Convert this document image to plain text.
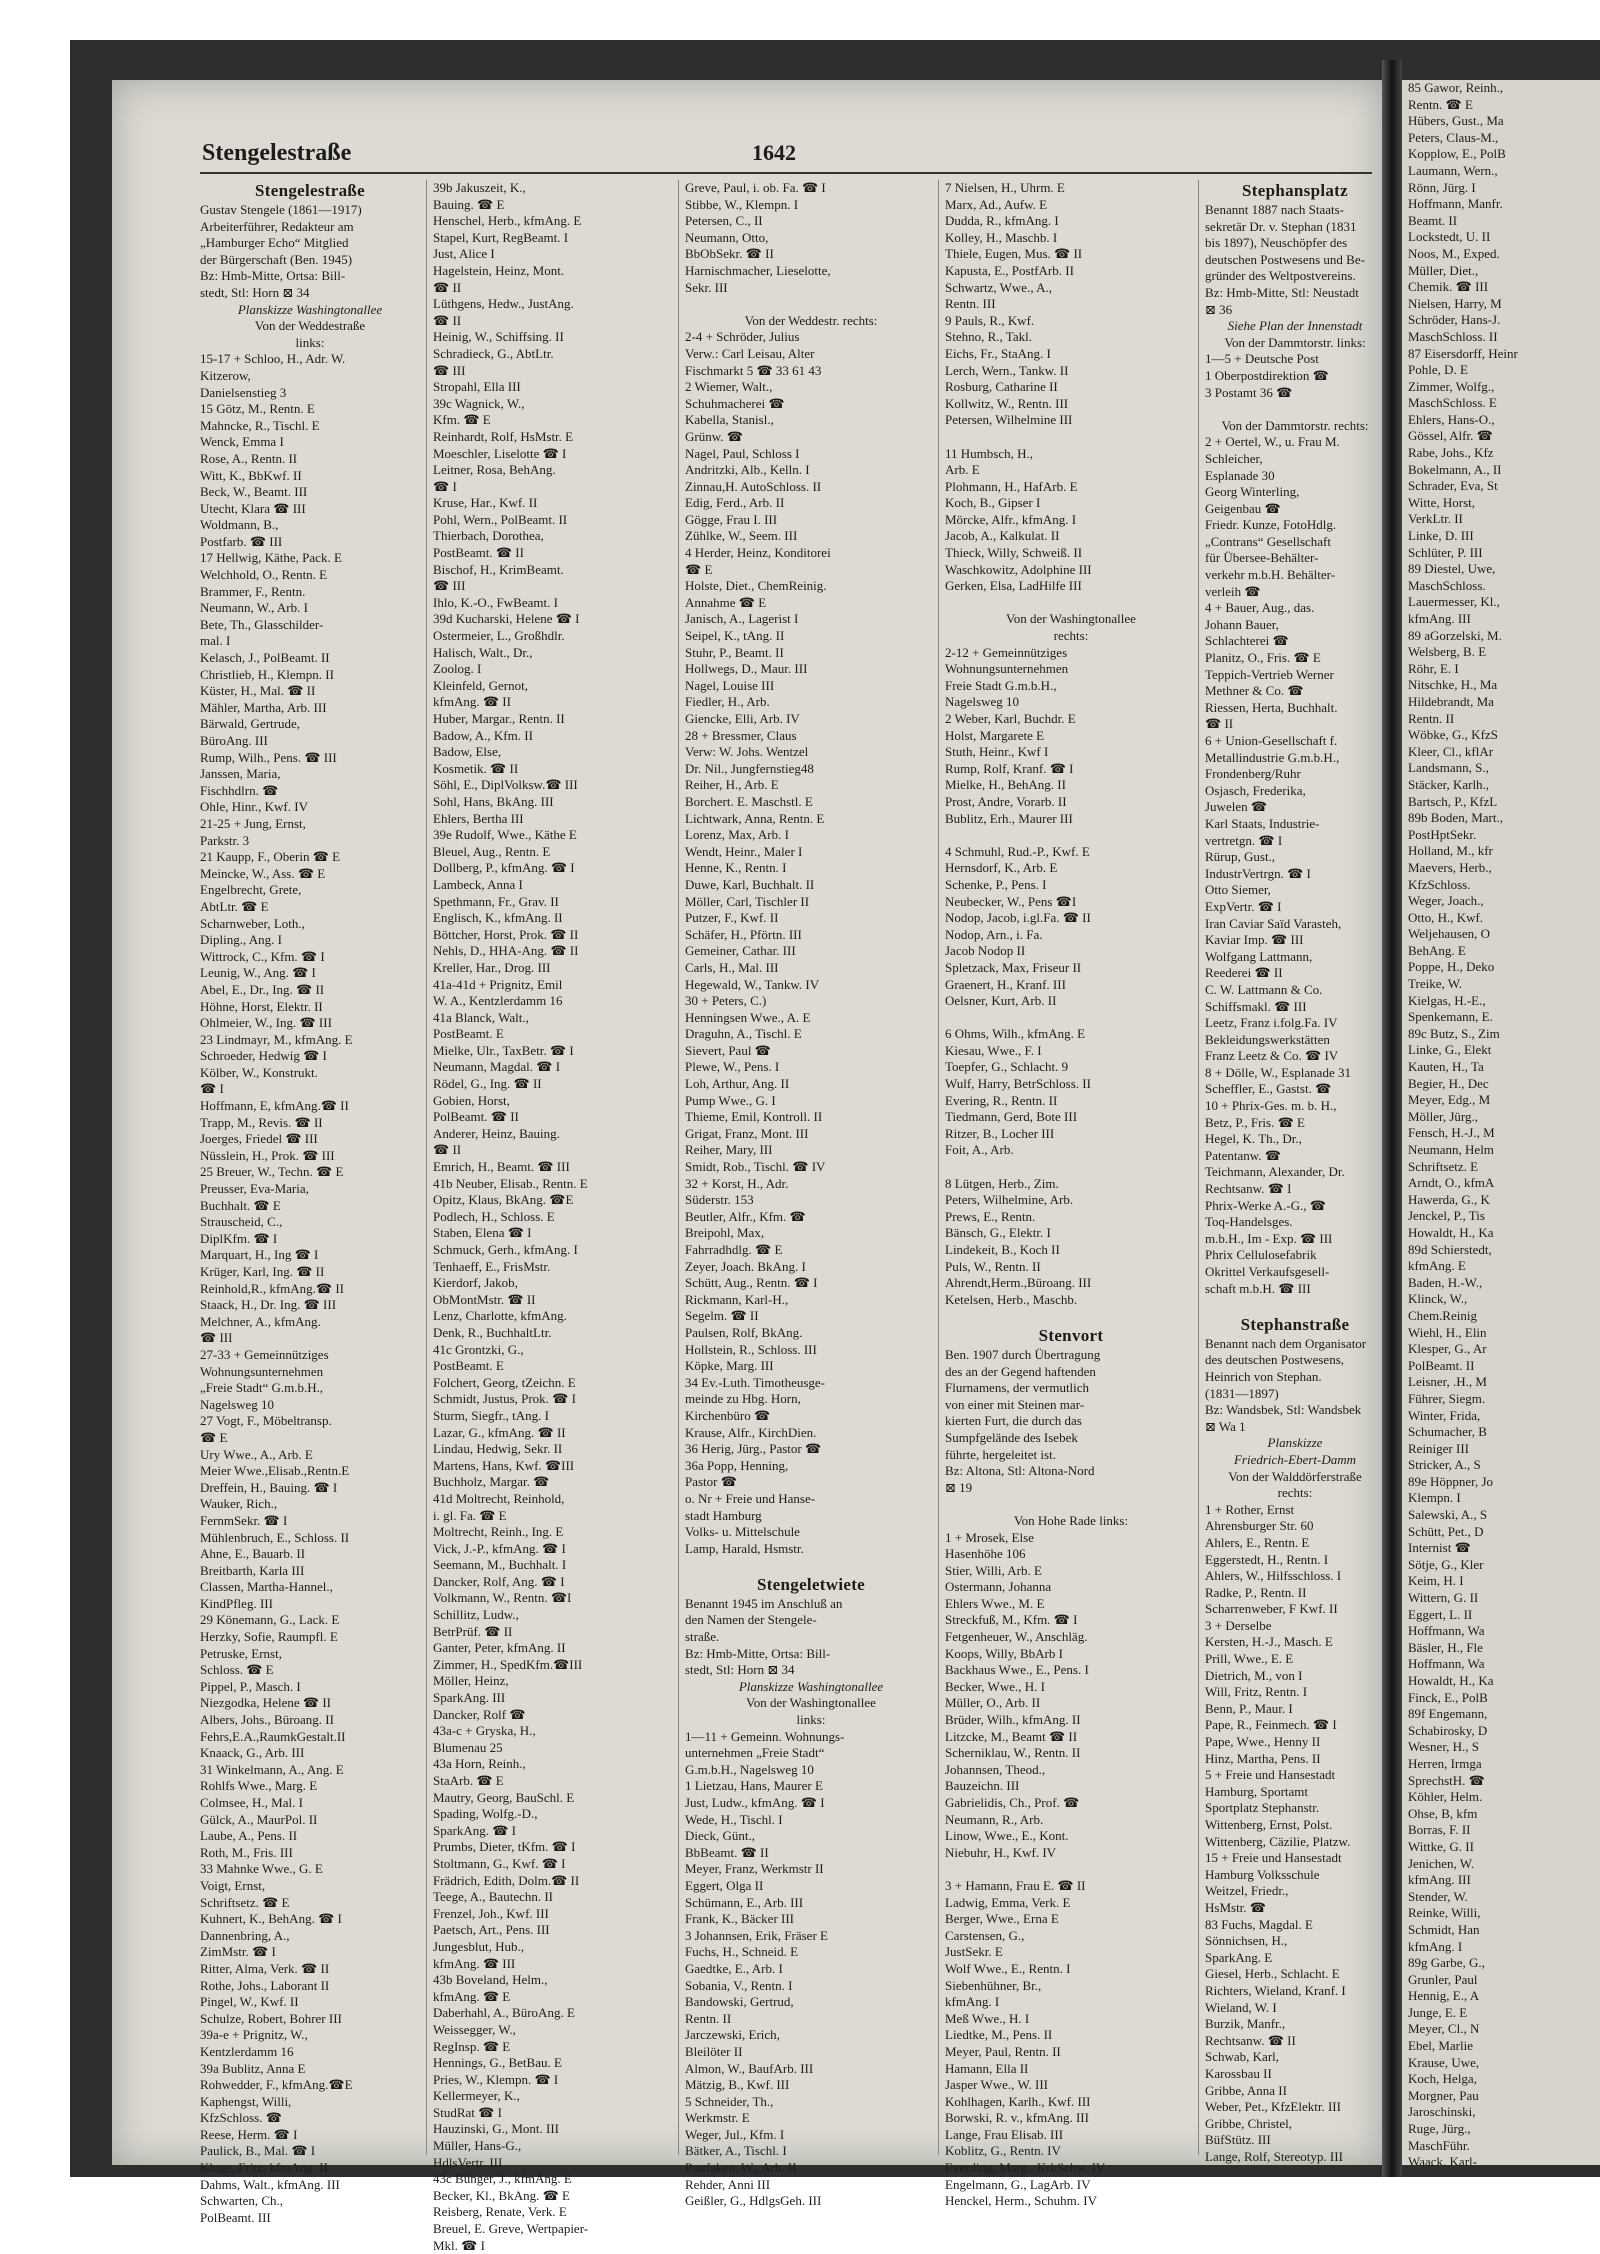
Stengelestraße	1642
Stengelestraße
Gustav Stengele (1861—1917)
Arbeiterführer, Redakteur am
„Hamburger Echo“ Mitglied
der Bürgerschaft (Ben. 1945)
Bz: Hmb-Mitte, Ortsa: Bill-
stedt, Stl: Horn ⊠ 34
Planskizze Washingtonallee
Von der Weddestraße
links:
15-17 + Schloo, H., Adr. W.
Kitzerow,
Danielsenstieg 3
15 Götz, M., Rentn. E
Mahncke, R., Tischl. E
Wenck, Emma I
Rose, A., Rentn. II
Witt, K., BbKwf. II
Beck, W., Beamt. III
Utecht, Klara ☎ III
Woldmann, B.,
Postfarb. ☎ III
17 Hellwig, Käthe, Pack. E
Welchhold, O., Rentn. E
Brammer, F., Rentn.
Neumann, W., Arb. I
Bete, Th., Glasschilder-
mal. I
Kelasch, J., PolBeamt. II
Christlieb, H., Klempn. II
Küster, H., Mal. ☎ II
Mähler, Martha, Arb. III
Bärwald, Gertrude,
BüroAng. III
Rump, Wilh., Pens. ☎ III
Janssen, Maria,
Fischhdlrn. ☎
Ohle, Hinr., Kwf. IV
21-25 + Jung, Ernst,
Parkstr. 3
21 Kaupp, F., Oberin ☎ E
Meincke, W., Ass. ☎ E
Engelbrecht, Grete,
AbtLtr. ☎ E
Scharnweber, Loth.,
Dipling., Ang. I
Wittrock, C., Kfm. ☎ I
Leunig, W., Ang. ☎ I
Abel, E., Dr., Ing. ☎ II
Höhne, Horst, Elektr. II
Ohlmeier, W., Ing. ☎ III
23 Lindmayr, M., kfmAng. E
Schroeder, Hedwig ☎ I
Kölber, W., Konstrukt.
☎ I
Hoffmann, E, kfmAng.☎ II
Trapp, M., Revis. ☎ II
Joerges, Friedel ☎ III
Nüsslein, H., Prok. ☎ III
25 Breuer, W., Techn. ☎ E
Preusser, Eva-Maria,
Buchhalt. ☎ E
Strauscheid, C.,
DiplKfm. ☎ I
Marquart, H., Ing ☎ I
Krüger, Karl, Ing. ☎ II
Reinhold,R., kfmAng.☎ II
Staack, H., Dr. Ing. ☎ III
Melchner, A., kfmAng.
☎ III
27-33 + Gemeinnütziges
Wohnungsunternehmen
„Freie Stadt“ G.m.b.H.,
Nagelsweg 10
27 Vogt, F., Möbeltransp.
☎ E
Ury Wwe., A., Arb. E
Meier Wwe.,Elisab.,Rentn.E
Dreffein, H., Bauing. ☎ I
Wauker, Rich.,
FernmSekr. ☎ I
Mühlenbruch, E., Schloss. II
Ahne, E., Bauarb. II
Breitbarth, Karla III
Classen, Martha-Hannel.,
KindPfleg. III
29 Könemann, G., Lack. E
Herzky, Sofie, Raumpfl. E
Petruske, Ernst,
Schloss. ☎ E
Pippel, P., Masch. I
Niezgodka, Helene ☎ II
Albers, Johs., Büroang. II
Fehrs,E.A.,RaumkGestalt.II
Knaack, G., Arb. III
31 Winkelmann, A., Ang. E
Rohlfs Wwe., Marg. E
Colmsee, H., Mal. I
Gülck, A., MaurPol. II
Laube, A., Pens. II
Roth, M., Fris. III
33 Mahnke Wwe., G. E
Voigt, Ernst,
Schriftsetz. ☎ E
Kuhnert, K., BehAng. ☎ I
Dannenbring, A.,
ZimMstr. ☎ I
Ritter, Alma, Verk. ☎ II
Rothe, Johs., Laborant II
Pingel, W., Kwf. II
Schulze, Robert, Bohrer III
39a-e + Prignitz, W.,
Kentzlerdamm 16
39a Bublitz, Anna E
Rohwedder, F., kfmAng.☎E
Kaphengst, Willi,
KfzSchloss. ☎
Reese, Herm. ☎ I
Paulick, B., Mal. ☎ I
Kluge, Fritz, kfmAng. II
Dahms, Walt., kfmAng. III
Schwarten, Ch.,
PolBeamt. III
39b Jakuszeit, K.,
Bauing. ☎ E
Henschel, Herb., kfmAng. E
Stapel, Kurt, RegBeamt. I
Just, Alice I
Hagelstein, Heinz, Mont.
☎ II
Lüthgens, Hedw., JustAng.
☎ II
Heinig, W., Schiffsing. II
Schradieck, G., AbtLtr.
☎ III
Stropahl, Ella III
39c Wagnick, W.,
Kfm. ☎ E
Reinhardt, Rolf, HsMstr. E
Moeschler, Liselotte ☎ I
Leitner, Rosa, BehAng.
☎ I
Kruse, Har., Kwf. II
Pohl, Wern., PolBeamt. II
Thierbach, Dorothea,
PostBeamt. ☎ II
Bischof, H., KrimBeamt.
☎ III
Ihlo, K.-O., FwBeamt. I
39d Kucharski, Helene ☎ I
Ostermeier, L., Großhdlr.
Halisch, Walt., Dr.,
Zoolog. I
Kleinfeld, Gernot,
kfmAng. ☎ II
Huber, Margar., Rentn. II
Badow, A., Kfm. II
Badow, Else,
Kosmetik. ☎ II
Söhl, E., DiplVolksw.☎ III
Sohl, Hans, BkAng. III
Ehlers, Bertha III
39e Rudolf, Wwe., Käthe E
Bleuel, Aug., Rentn. E
Dollberg, P., kfmAng. ☎ I
Lambeck, Anna I
Spethmann, Fr., Grav. II
Englisch, K., kfmAng. II
Böttcher, Horst, Prok. ☎ II
Nehls, D., HHA-Ang. ☎ II
Kreller, Har., Drog. III
41a-41d + Prignitz, Emil
W. A., Kentzlerdamm 16
41a Blanck, Walt.,
PostBeamt. E
Mielke, Ulr., TaxBetr. ☎ I
Neumann, Magdal. ☎ I
Rödel, G., Ing. ☎ II
Gobien, Horst,
PolBeamt. ☎ II
Anderer, Heinz, Bauing.
☎ II
Emrich, H., Beamt. ☎ III
41b Neuber, Elisab., Rentn. E
Opitz, Klaus, BkAng. ☎E
Podlech, H., Schloss. E
Staben, Elena ☎ I
Schmuck, Gerh., kfmAng. I
Tenhaeff, E., FrisMstr.
Kierdorf, Jakob,
ObMontMstr. ☎ II
Lenz, Charlotte, kfmAng.
Denk, R., BuchhaltLtr.
41c Grontzki, G.,
PostBeamt. E
Folchert, Georg, tZeichn. E
Schmidt, Justus, Prok. ☎ I
Sturm, Siegfr., tAng. I
Lazar, G., kfmAng. ☎ II
Lindau, Hedwig, Sekr. II
Martens, Hans, Kwf. ☎III
Buchholz, Margar. ☎
41d Moltrecht, Reinhold,
i. gl. Fa. ☎ E
Moltrecht, Reinh., Ing. E
Vick, J.-P., kfmAng. ☎ I
Seemann, M., Buchhalt. I
Dancker, Rolf, Ang. ☎ I
Volkmann, W., Rentn. ☎I
Schillitz, Ludw.,
BetrPrüf. ☎ II
Ganter, Peter, kfmAng. II
Zimmer, H., SpedKfm.☎III
Möller, Heinz,
SparkAng. III
Dancker, Rolf ☎
43a-c + Gryska, H.,
Blumenau 25
43a Horn, Reinh.,
StaArb. ☎ E
Mautry, Georg, BauSchl. E
Spading, Wolfg.-D.,
SparkAng. ☎ I
Prumbs, Dieter, tKfm. ☎ I
Stoltmann, G., Kwf. ☎ I
Frädrich, Edith, Dolm.☎ II
Teege, A., Bautechn. II
Frenzel, Joh., Kwf. III
Paetsch, Art., Pens. III
Jungesblut, Hub.,
kfmAng. ☎ III
43b Boveland, Helm.,
kfmAng. ☎ E
Daberhahl, A., BüroAng. E
Weissegger, W.,
RegInsp. ☎ E
Hennings, G., BetBau. E
Pries, W., Klempn. ☎ I
Kellermeyer, K.,
StudRat ☎ I
Hauzinski, G., Mont. III
Müller, Hans-G.,
HdlsVertr. III
43c Bünger, J., kfmAng. E
Becker, Kl., BkAng. ☎ E
Reisberg, Renate, Verk. E
Breuel, E. Greve, Wertpapier-
Mkl. ☎ I
Greve, Paul, i. ob. Fa. ☎ I
Stibbe, W., Klempn. I
Petersen, C., II
Neumann, Otto,
BbObSekr. ☎ II
Harnischmacher, Lieselotte,
Sekr. III

Von der Weddestr. rechts:
2-4 + Schröder, Julius
Verw.: Carl Leisau, Alter
Fischmarkt 5 ☎ 33 61 43
2 Wiemer, Walt.,
Schuhmacherei ☎
Kabella, Stanisl.,
Grünw. ☎
Nagel, Paul, Schloss I
Andritzki, Alb., Kelln. I
Zinnau,H. AutoSchloss. II
Edig, Ferd., Arb. II
Gögge, Frau I. III
Zühlke, W., Seem. III
4 Herder, Heinz, Konditorei
☎ E
Holste, Diet., ChemReinig.
Annahme ☎ E
Janisch, A., Lagerist I
Seipel, K., tAng. II
Stuhr, P., Beamt. II
Hollwegs, D., Maur. III
Nagel, Louise III
Fiedler, H., Arb.
Giencke, Elli, Arb. IV
28 + Bressmer, Claus
Verw: W. Johs. Wentzel
Dr. Nil., Jungfernstieg48
Reiher, H., Arb. E
Borchert. E. Maschstl. E
Lichtwark, Anna, Rentn. E
Lorenz, Max, Arb. I
Wendt, Heinr., Maler I
Henne, K., Rentn. I
Duwe, Karl, Buchhalt. II
Möller, Carl, Tischler II
Putzer, F., Kwf. II
Schäfer, H., Pförtn. III
Gemeiner, Cathar. III
Carls, H., Mal. III
Hegewald, W., Tankw. IV
30 + Peters, C.)
Henningsen Wwe., A. E
Draguhn, A., Tischl. E
Sievert, Paul ☎
Plewe, W., Pens. I
Loh, Arthur, Ang. II
Pump Wwe., G. I
Thieme, Emil, Kontroll. II
Grigat, Franz, Mont. III
Reiher, Mary, III
Smidt, Rob., Tischl. ☎ IV
32 + Korst, H., Adr.
Süderstr. 153
Beutler, Alfr., Kfm. ☎
Breipohl, Max,
Fahrradhdlg. ☎ E
Zeyer, Joach. BkAng. I
Schütt, Aug., Rentn. ☎ I
Rickmann, Karl-H.,
Segelm. ☎ II
Paulsen, Rolf, BkAng.
Hollstein, R., Schloss. III
Köpke, Marg. III
34 Ev.-Luth. Timotheusge-
meinde zu Hbg. Horn,
Kirchenbüro ☎
Krause, Alfr., KirchDien.
36 Herig, Jürg., Pastor ☎
36a Popp, Henning,
Pastor ☎
o. Nr + Freie und Hanse-
stadt Hamburg
Volks- u. Mittelschule
Lamp, Harald, Hsmstr.

Stengeletwiete
Benannt 1945 im Anschluß an
den Namen der Stengele-
straße.
Bz: Hmb-Mitte, Ortsa: Bill-
stedt, Stl: Horn ⊠ 34
Planskizze Washingtonallee
Von der Washingtonallee
links:
1—11 + Gemeinn. Wohnungs-
unternehmen „Freie Stadt“
G.m.b.H., Nagelsweg 10
1 Lietzau, Hans, Maurer E
Just, Ludw., kfmAng. ☎ I
Wede, H., Tischl. I
Dieck, Günt.,
BbBeamt. ☎ II
Meyer, Franz, Werkmstr II
Eggert, Olga II
Schümann, E., Arb. III
Frank, K., Bäcker III
3 Johannsen, Erik, Fräser E
Fuchs, H., Schneid. E
Gaedtke, E., Arb. I
Sobania, V., Rentn. I
Bandowski, Gertrud,
Rentn. II
Jarczewski, Erich,
Bleilöter II
Almon, W., BaufArb. III
Mätzig, B., Kwf. III
5 Schneider, Th.,
Werkmstr. E
Weger, Jul., Kfm. I
Bätker, A., Tischl. I
Puttfaken, W., Arb. II
Rehder, Anni III
Geißler, G., HdlgsGeh. III
7 Nielsen, H., Uhrm. E
Marx, Ad., Aufw. E
Dudda, R., kfmAng. I
Kolley, H., Maschb. I
Thiele, Eugen, Mus. ☎ II
Kapusta, E., PostfArb. II
Schwartz, Wwe., A.,
Rentn. III
9 Pauls, R., Kwf.
Stehno, R., Takl.
Eichs, Fr., StaAng. I
Lerch, Wern., Tankw. II
Rosburg, Catharine II
Kollwitz, W., Rentn. III
Petersen, Wilhelmine III

11 Humbsch, H.,
Arb. E
Plohmann, H., HafArb. E
Koch, B., Gipser I
Mörcke, Alfr., kfmAng. I
Jacob, A., Kalkulat. II
Thieck, Willy, Schweiß. II
Waschkowitz, Adolphine III
Gerken, Elsa, LadHilfe III

Von der Washingtonallee
rechts:
2-12 + Gemeinnütziges
Wohnungsunternehmen
Freie Stadt G.m.b.H.,
Nagelsweg 10
2 Weber, Karl, Buchdr. E
Holst, Margarete E
Stuth, Heinr., Kwf I
Rump, Rolf, Kranf. ☎ I
Mielke, H., BehAng. II
Prost, Andre, Vorarb. II
Bublitz, Erh., Maurer III

4 Schmuhl, Rud.-P., Kwf. E
Hernsdorf, K., Arb. E
Schenke, P., Pens. I
Neubecker, W., Pens ☎I
Nodop, Jacob, i.gl.Fa. ☎ II
Nodop, Arn., i. Fa.
Jacob Nodop II
Spletzack, Max, Friseur II
Graenert, H., Kranf. III
Oelsner, Kurt, Arb. II

6 Ohms, Wilh., kfmAng. E
Kiesau, Wwe., F. I
Toepfer, G., Schlacht. 9
Wulf, Harry, BetrSchloss. II
Evering, R., Rentn. II
Tiedmann, Gerd, Bote III
Ritzer, B., Locher III
Foit, A., Arb.

8 Lütgen, Herb., Zim.
Peters, Wilhelmine, Arb.
Prews, E., Rentn.
Bänsch, G., Elektr. I
Lindekeit, B., Koch II
Puls, W., Rentn. II
Ahrendt,Herm.,Büroang. III
Ketelsen, Herb., Maschb.

Stenvort
Ben. 1907 durch Übertragung
des an der Gegend haftenden
Flurnamens, der vermutlich
von einer mit Steinen mar-
kierten Furt, die durch das
Sumpfgelände des Isebek
führte, hergeleitet ist.
Bz: Altona, Stl: Altona-Nord
⊠ 19

Von Hohe Rade links:
1 + Mrosek, Else
Hasenhöhe 106
Stier, Willi, Arb. E
Ostermann, Johanna
Ehlers Wwe., M. E
Streckfuß, M., Kfm. ☎ I
Fetgenheuer, W., Anschläg.
Koops, Willy, BbArb I
Backhaus Wwe., E., Pens. I
Becker, Wwe., H. I
Müller, O., Arb. II
Brüder, Wilh., kfmAng. II
Litzcke, M., Beamt ☎ II
Scherniklau, W., Rentn. II
Johannsen, Theod.,
Bauzeichn. III
Gabrielidis, Ch., Prof. ☎
Neumann, R., Arb.
Linow, Wwe., E., Kont.
Niebuhr, H., Kwf. IV

3 + Hamann, Frau E. ☎ II
Ladwig, Emma, Verk. E
Berger, Wwe., Erna E
Carstensen, G.,
JustSekr. E
Wolf Wwe., E., Rentn. I
Siebenhühner, Br.,
kfmAng. I
Meß Wwe., H. I
Liedtke, M., Pens. II
Meyer, Paul, Rentn. II
Hamann, Ella II
Jasper Wwe., W. III
Kohlhagen, Karlh., Kwf. III
Borwski, R. v., kfmAng. III
Lange, Frau Elisab. III
Koblitz, G., Rentn. IV
Everding, Marg., KrkSchw. IV
Engelmann, G., LagArb. IV
Henckel, Herm., Schuhm. IV
Stephansplatz
Benannt 1887 nach Staats-
sekretär Dr. v. Stephan (1831
bis 1897), Neuschöpfer des
deutschen Postwesens und Be-
gründer des Weltpostvereins.
Bz: Hmb-Mitte, Stl: Neustadt
⊠ 36
Siehe Plan der Innenstadt
Von der Dammtorstr. links:
1—5 + Deutsche Post
1 Oberpostdirektion ☎
3 Postamt 36 ☎

Von der Dammtorstr. rechts:
2 + Oertel, W., u. Frau M.
Schleicher,
Esplanade 30
Georg Winterling,
Geigenbau ☎
Friedr. Kunze, FotoHdlg.
„Contrans“ Gesellschaft
für Übersee-Behälter-
verkehr m.b.H. Behälter-
verleih ☎
4 + Bauer, Aug., das.
Johann Bauer,
Schlachterei ☎
Planitz, O., Fris. ☎ E
Teppich-Vertrieb Werner
Methner & Co. ☎
Riessen, Herta, Buchhalt.
☎ II
6 + Union-Gesellschaft f.
Metallindustrie G.m.b.H.,
Frondenberg/Ruhr
Osjasch, Frederika,
Juwelen ☎
Karl Staats, Industrie-
vertretgn. ☎ I
Rürup, Gust.,
IndustrVertrgn. ☎ I
Otto Siemer,
ExpVertr. ☎ I
Iran Caviar Saïd Varasteh,
Kaviar Imp. ☎ III
Wolfgang Lattmann,
Reederei ☎ II
C. W. Lattmann & Co.
Schiffsmakl. ☎ III
Leetz, Franz i.folg.Fa. IV
Bekleidungswerkstätten
Franz Leetz & Co. ☎ IV
8 + Dölle, W., Esplanade 31
Scheffler, E., Gastst. ☎
10 + Phrix-Ges. m. b. H.,
Betz, P., Fris. ☎ E
Hegel, K. Th., Dr.,
Patentanw. ☎
Teichmann, Alexander, Dr.
Rechtsanw. ☎ I
Phrix-Werke A.-G., ☎
Toq-Handelsges.
m.b.H., Im - Exp. ☎ III
Phrix Cellulosefabrik
Okrittel Verkaufsgesell-
schaft m.b.H. ☎ III

Stephanstraße
Benannt nach dem Organisator
des deutschen Postwesens,
Heinrich von Stephan.
(1831—1897)
Bz: Wandsbek, Stl: Wandsbek
⊠ Wa 1
Planskizze
Friedrich-Ebert-Damm
Von der Walddörferstraße
rechts:
1 + Rother, Ernst
Ahrensburger Str. 60
Ahlers, E., Rentn. E
Eggerstedt, H., Rentn. I
Ahlers, W., Hilfsschloss. I
Radke, P., Rentn. II
Scharrenweber, F Kwf. II
3 + Derselbe
Kersten, H.-J., Masch. E
Prill, Wwe., E. E
Dietrich, M., von I
Will, Fritz, Rentn. I
Benn, P., Maur. I
Pape, R., Feinmech. ☎ I
Pape, Wwe., Henny II
Hinz, Martha, Pens. II
5 + Freie und Hansestadt
Hamburg, Sportamt
Sportplatz Stephanstr.
Wittenberg, Ernst, Polst.
Wittenberg, Cäzilie, Platzw.
15 + Freie und Hansestadt
Hamburg Volksschule
Weitzel, Friedr.,
HsMstr. ☎
83 Fuchs, Magdal. E
Sönnichsen, H.,
SparkAng. E
Giesel, Herb., Schlacht. E
Richters, Wieland, Kranf. I
Wieland, W. I
Burzik, Manfr.,
Rechtsanw. ☎ II
Schwab, Karl,
Karossbau II
Gribbe, Anna II
Weber, Pet., KfzElektr. III
Gribbe, Christel,
BüfStütz. III
Lange, Rolf, Stereotyp. III
85 Gawor, Reinh.,
Rentn. ☎ E
Hübers, Gust., Ma
Peters, Claus-M.,
Kopplow, E., PolB
Laumann, Wern.,
Rönn, Jürg. I
Hoffmann, Manfr.
Beamt. II
Lockstedt, U. II
Noos, M., Exped.
Müller, Diet.,
Chemik. ☎ III
Nielsen, Harry, M
Schröder, Hans-J.
MaschSchloss. II
87 Eisersdorff, Heinr
Pohle, D. E
Zimmer, Wolfg.,
MaschSchloss. E
Ehlers, Hans-O.,
Gössel, Alfr. ☎
Rabe, Johs., Kfz
Bokelmann, A., II
Schrader, Eva, St
Witte, Horst,
VerkLtr. II
Linke, D. III
Schlüter, P. III
89 Diestel, Uwe,
MaschSchloss.
Lauermesser, Kl.,
kfmAng. III
89 aGorzelski, M.
Welsberg, B. E
Röhr, E. I
Nitschke, H., Ma
Hildebrandt, Ma
Rentn. II
Wöbke, G., KfzS
Kleer, Cl., kflAr
Landsmann, S.,
Stäcker, Karlh.,
Bartsch, P., KfzL
89b Boden, Mart.,
PostHptSekr.
Holland, M., kfr
Maevers, Herb.,
KfzSchloss.
Weger, Joach.,
Otto, H., Kwf.
Weljehausen, O
BehAng. E
Poppe, H., Deko
Treike, W.
Kielgas, H.-E.,
Spenkemann, E.
89c Butz, S., Zim
Linke, G., Elekt
Kauten, H., Ta
Begier, H., Dec
Meyer, Edg., M
Möller, Jürg.,
Fensch, H.-J., M
Neumann, Helm
Schriftsetz. E
Arndt, O., kfmA
Hawerda, G., K
Jenckel, P., Tis
Howaldt, H., Ka
89d Schierstedt,
kfmAng. E
Baden, H.-W.,
Klinck, W.,
Chem.Reinig
Wiehl, H., Elin
Klesper, G., Ar
PolBeamt. II
Leisner, .H., M
Führer, Siegm.
Winter, Frida,
Schumacher, B
Reiniger III
Stricker, A., S
89e Höppner, Jo
Klempn. I
Salewski, A., S
Schütt, Pet., D
Internist ☎
Sötje, G., Kler
Keim, H. I
Wittern, G. II
Eggert, L. II
Hoffmann, Wa
Bäsler, H., Fle
Hoffmann, Wa
Howaldt, H., Ka
Finck, E., PolB
89f Engemann,
Schabirosky, D
Wesner, H., S
Herren, Irmga
SprechstH. ☎
Köhler, Helm.
Ohse, B, kfm
Borras, F. II
Wittke, G. II
Jenichen, W.
kfmAng. III
Stender, W.
Reinke, Willi,
Schmidt, Han
kfmAng. I
89g Garbe, G.,
Grunler, Paul
Hennig, E., A
Junge, E. E
Meyer, Cl., N
Ebel, Marlie
Krause, Uwe,
Koch, Helga,
Morgner, Pau
Jaroschinski,
Ruge, Jürg.,
MaschFühr.
Waack, Karl-
